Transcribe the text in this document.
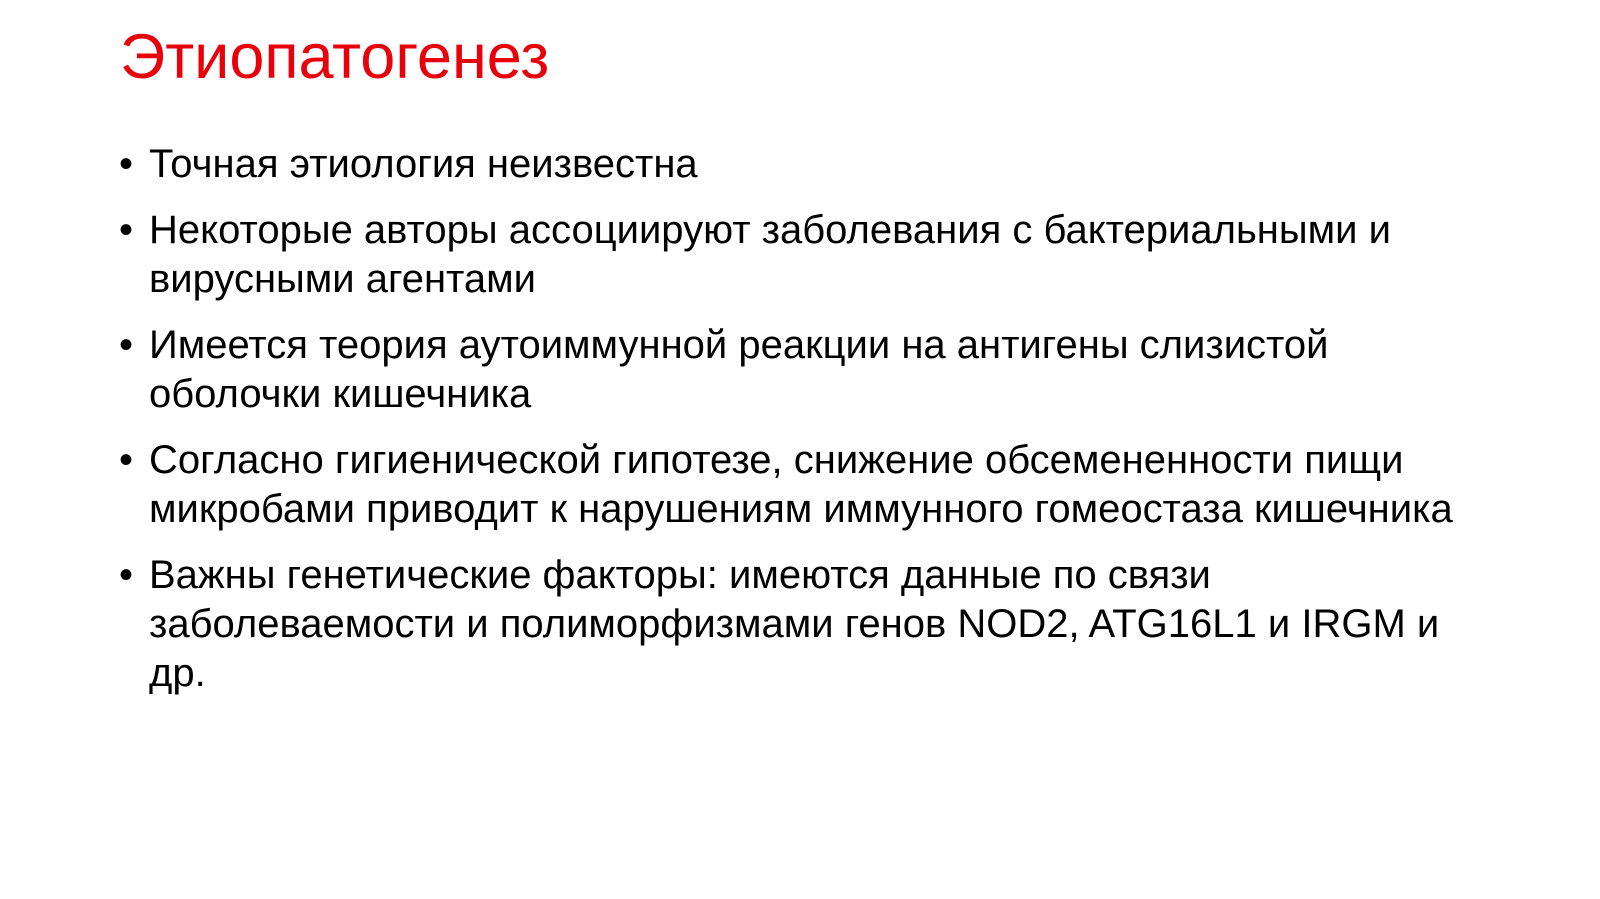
Этиопатогенез
• Точная этиология неизвестна
• Некоторые авторы ассоциируют заболевания с бактериальными и вирусными агентами
• Имеется теория аутоиммунной реакции на антигены слизистой оболочки кишечника
• Согласно гигиенической гипотезе, снижение обсемененности пищи микробами приводит к нарушениям иммунного гомеостаза кишечника
• Важны генетические факторы: имеются данные по связи заболеваемости и полиморфизмами генов NOD2, ATG16L1 и IRGM и др.
